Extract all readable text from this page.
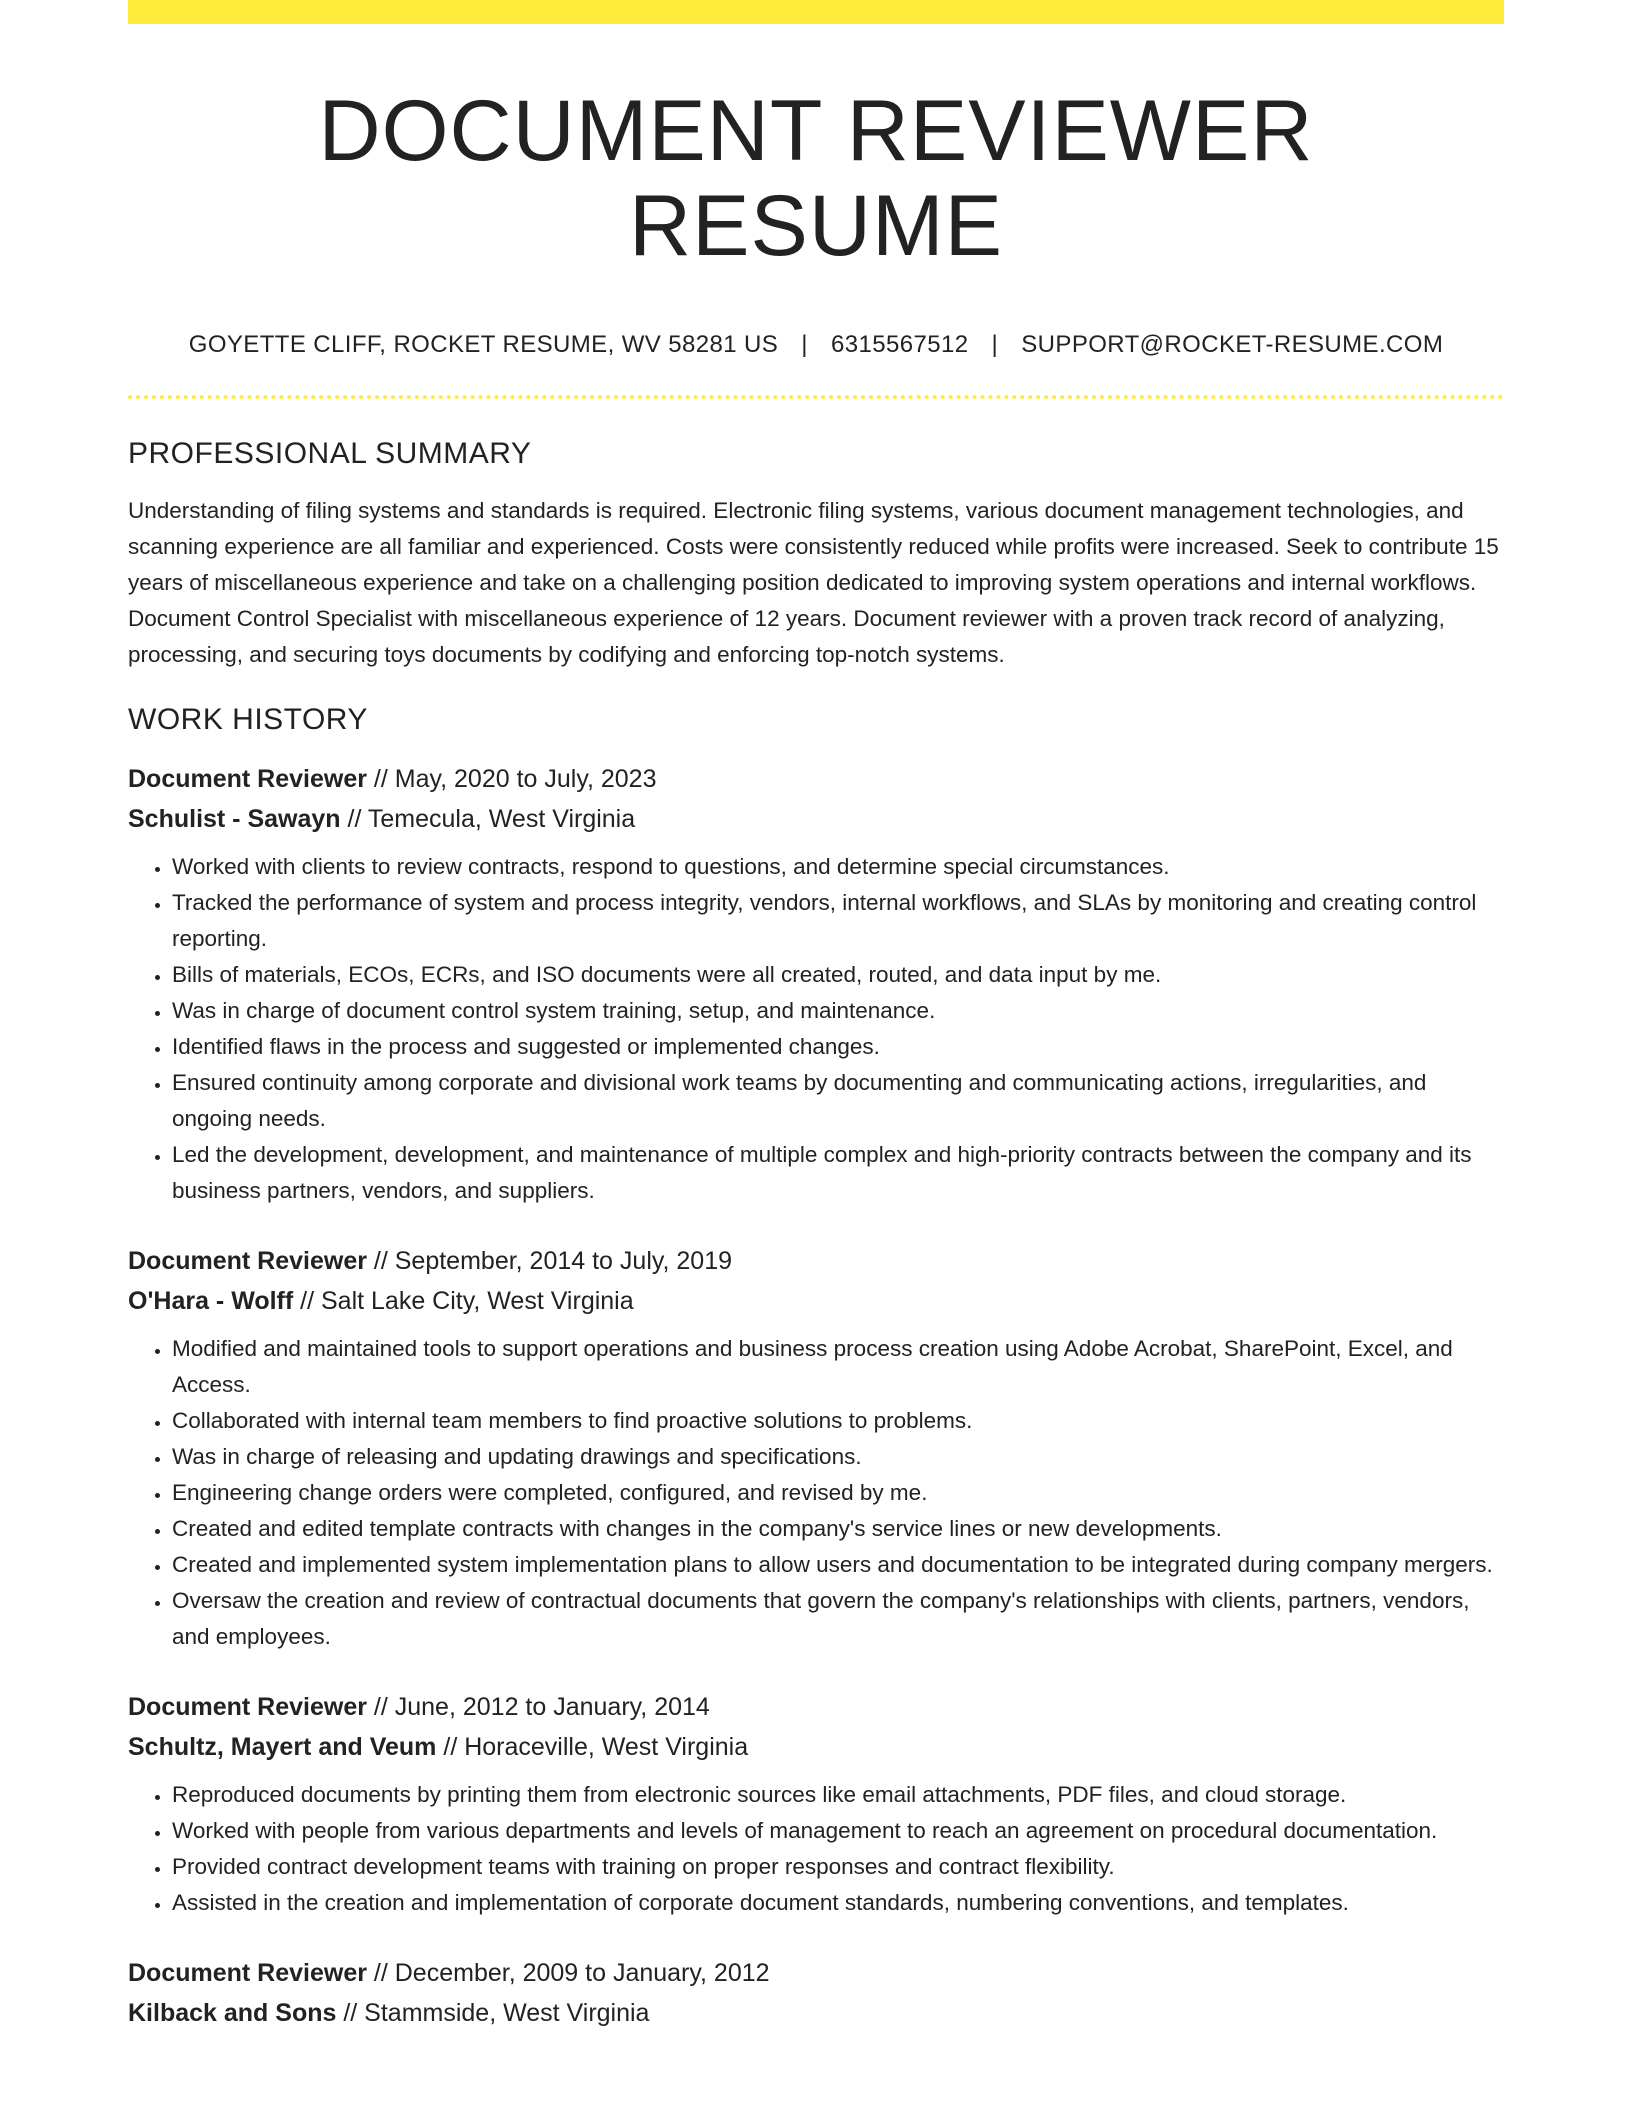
DOCUMENT REVIEWER RESUME
GOYETTE CLIFF, ROCKET RESUME, WV 58281 US | 6315567512 | SUPPORT@ROCKET-RESUME.COM
PROFESSIONAL SUMMARY
Understanding of filing systems and standards is required. Electronic filing systems, various document management technologies, and scanning experience are all familiar and experienced. Costs were consistently reduced while profits were increased. Seek to contribute 15 years of miscellaneous experience and take on a challenging position dedicated to improving system operations and internal workflows. Document Control Specialist with miscellaneous experience of 12 years. Document reviewer with a proven track record of analyzing, processing, and securing toys documents by codifying and enforcing top-notch systems.
WORK HISTORY
Document Reviewer // May, 2020 to July, 2023
Schulist - Sawayn // Temecula, West Virginia
• Worked with clients to review contracts, respond to questions, and determine special circumstances.
• Tracked the performance of system and process integrity, vendors, internal workflows, and SLAs by monitoring and creating control reporting.
• Bills of materials, ECOs, ECRs, and ISO documents were all created, routed, and data input by me.
• Was in charge of document control system training, setup, and maintenance.
• Identified flaws in the process and suggested or implemented changes.
• Ensured continuity among corporate and divisional work teams by documenting and communicating actions, irregularities, and ongoing needs.
• Led the development, development, and maintenance of multiple complex and high-priority contracts between the company and its business partners, vendors, and suppliers.
Document Reviewer // September, 2014 to July, 2019
O'Hara - Wolff // Salt Lake City, West Virginia
• Modified and maintained tools to support operations and business process creation using Adobe Acrobat, SharePoint, Excel, and Access.
• Collaborated with internal team members to find proactive solutions to problems.
• Was in charge of releasing and updating drawings and specifications.
• Engineering change orders were completed, configured, and revised by me.
• Created and edited template contracts with changes in the company's service lines or new developments.
• Created and implemented system implementation plans to allow users and documentation to be integrated during company mergers.
• Oversaw the creation and review of contractual documents that govern the company's relationships with clients, partners, vendors, and employees.
Document Reviewer // June, 2012 to January, 2014
Schultz, Mayert and Veum // Horaceville, West Virginia
• Reproduced documents by printing them from electronic sources like email attachments, PDF files, and cloud storage.
• Worked with people from various departments and levels of management to reach an agreement on procedural documentation.
• Provided contract development teams with training on proper responses and contract flexibility.
• Assisted in the creation and implementation of corporate document standards, numbering conventions, and templates.
Document Reviewer // December, 2009 to January, 2012
Kilback and Sons // Stammside, West Virginia
